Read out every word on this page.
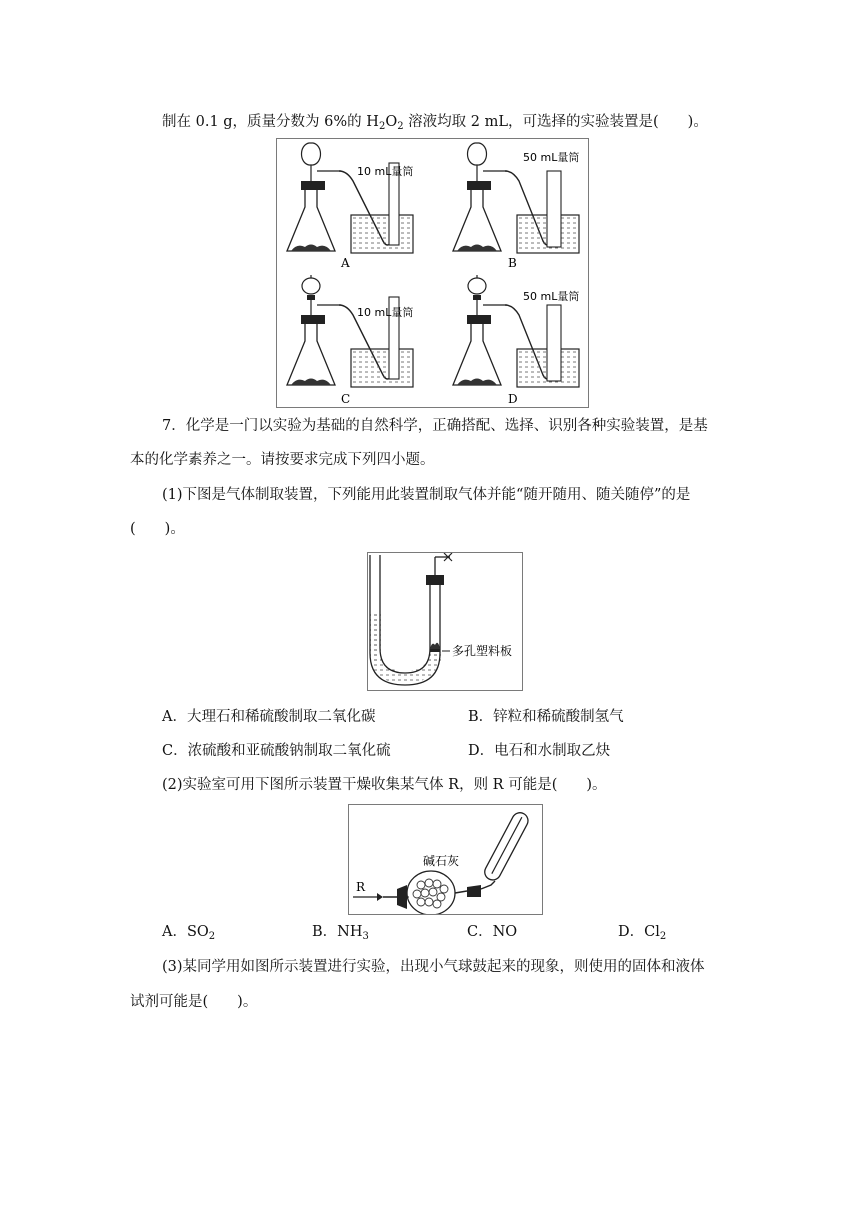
制在 0.1 g，质量分数为 6%的 $H_2O_2$ 溶液均取 2 mL，可选择的实验装置是(　　)。
10 mL量筒
50 mL量筒
10 mL量筒
50 mL量筒
A	B
C	D
7．化学是一门以实验为基础的自然科学，正确搭配、选择、识别各种实验装置，是基
本的化学素养之一。请按要求完成下列四小题。
(1)下图是气体制取装置，下列能用此装置制取气体并能“随开随用、随关随停”的是
(　　)。
多孔塑料板
A．大理石和稀硫酸制取二氧化碳	B．锌粒和稀硫酸制氢气
C．浓硫酸和亚硫酸钠制取二氧化硫	D．电石和水制取乙炔
(2)实验室可用下图所示装置干燥收集某气体 R，则 R 可能是(　　)。
R
碱石灰
A．$SO_2$	B．$NH_3$	C．NO	D．$Cl_2$
(3)某同学用如图所示装置进行实验，出现小气球鼓起来的现象，则使用的固体和液体
试剂可能是(　　)。
